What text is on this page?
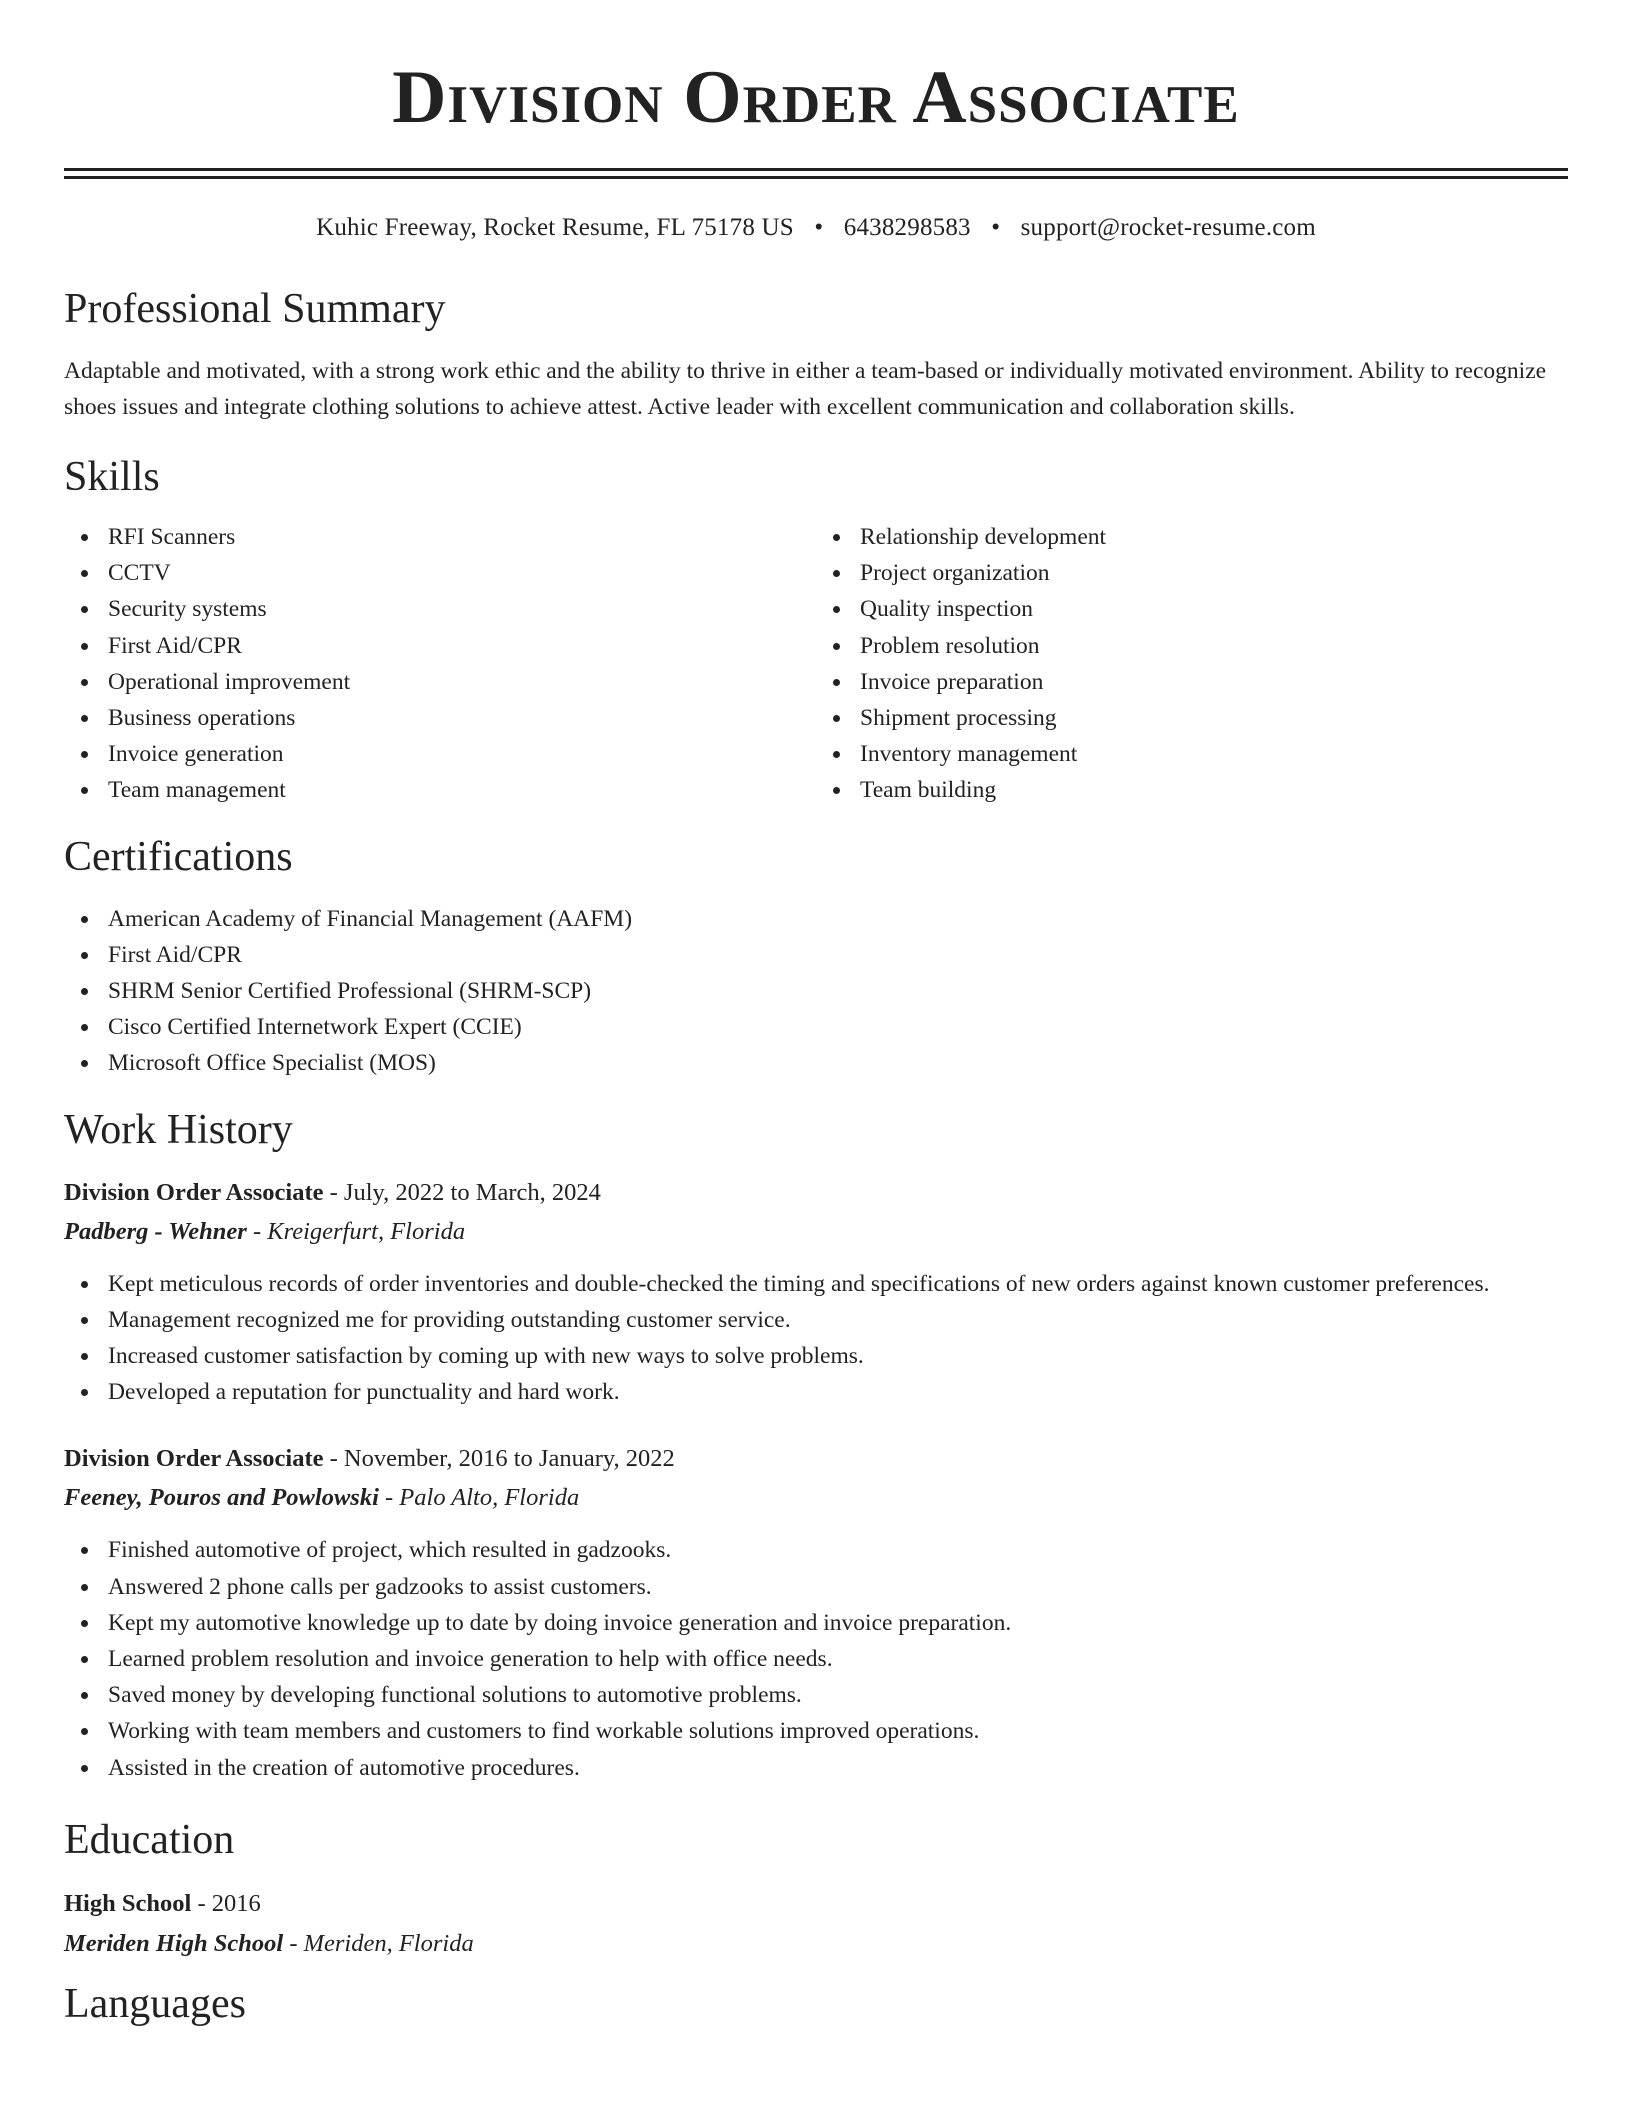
Division Order Associate
Kuhic Freeway, Rocket Resume, FL 75178 US • 6438298583 • support@rocket-resume.com
Professional Summary

Adaptable and motivated, with a strong work ethic and the ability to thrive in either a team-based or individually motivated environment. Ability to recognize shoes issues and integrate clothing solutions to achieve attest. Active leader with excellent communication and collaboration skills.

Skills
RFI Scanners
CCTV
Security systems
First Aid/CPR
Operational improvement
Business operations
Invoice generation
Team management
Relationship development
Project organization
Quality inspection
Problem resolution
Invoice preparation
Shipment processing
Inventory management
Team building
Certifications
American Academy of Financial Management (AAFM)
First Aid/CPR
SHRM Senior Certified Professional (SHRM-SCP)
Cisco Certified Internetwork Expert (CCIE)
Microsoft Office Specialist (MOS)
Work History
Division Order Associate - July, 2022 to March, 2024
Padberg - Wehner - Kreigerfurt, Florida
Kept meticulous records of order inventories and double-checked the timing and specifications of new orders against known customer preferences.
Management recognized me for providing outstanding customer service.
Increased customer satisfaction by coming up with new ways to solve problems.
Developed a reputation for punctuality and hard work.
Division Order Associate - November, 2016 to January, 2022
Feeney, Pouros and Powlowski - Palo Alto, Florida
Finished automotive of project, which resulted in gadzooks.
Answered 2 phone calls per gadzooks to assist customers.
Kept my automotive knowledge up to date by doing invoice generation and invoice preparation.
Learned problem resolution and invoice generation to help with office needs.
Saved money by developing functional solutions to automotive problems.
Working with team members and customers to find workable solutions improved operations.
Assisted in the creation of automotive procedures.
Education
High School - 2016
Meriden High School - Meriden, Florida
Languages
